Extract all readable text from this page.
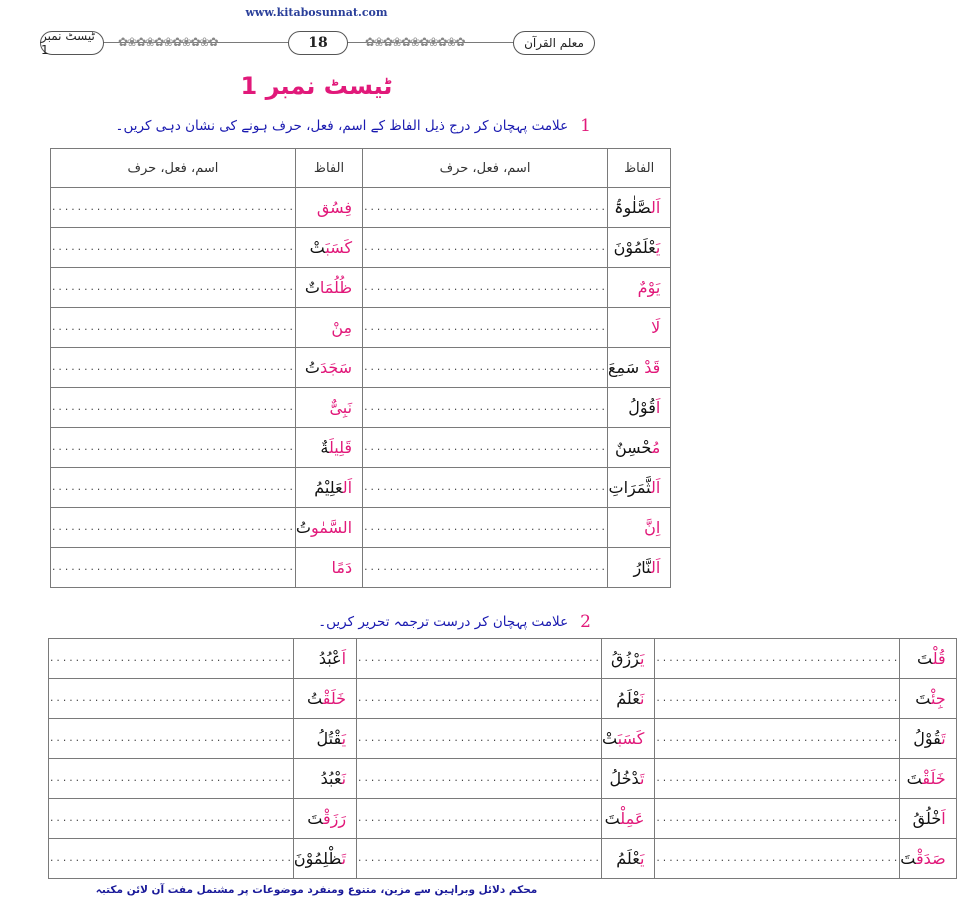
www.kitabosunnat.com
ٹیسٹ نمبر 1
✿❀✿❀✿❀✿❀✿❀✿	18	✿❀✿❀✿❀✿❀✿❀✿	معلم القرآن
ٹیسٹ نمبر 1
1
علامت پہچان کر درج ذیل الفاظ کے اسم، فعل، حرف ہونے کی نشان دہی کریں۔
الفاظ	اسم، فعل، حرف	الفاظ	اسم، فعل، حرف
اَلصَّلٰوۃُ	......................................	فِسُق	......................................
يَعْلَمُوْنَ	......................................	كَسَبَتْ	......................................
يَوْمٌ	......................................	ظُلُمَاتٌ	......................................
لَا	......................................	مِنْ	......................................
قَدْ سَمِعَ	......................................	سَجَدَتُ	......................................
اَقُوْلُ	......................................	نَبِیٌّ	......................................
مُحْسِنٌ	......................................	قَلِيلَةٌ	......................................
اَلثَّمَرَاتِ	......................................	اَلعَلِيْمُ	......................................
اِنَّ	......................................	السَّمٰوتُ	......................................
اَلنَّارُ	......................................	دَمًا	......................................
2
علامت پہچان کر درست ترجمہ تحریر کریں۔
قُلْتَ	......................................	يَرْزُقُ	......................................	اَعْبُدُ	......................................
جِئْتَ	......................................	نَعْلَمُ	......................................	خَلَقْتُ	......................................
تَقُوْلُ	......................................	كَسَبَتْ	......................................	يَقْتُلُ	......................................
خَلَقْتَ	......................................	تَدْخُلُ	......................................	نَعْبُدُ	......................................
اَخْلُقُ	......................................	عَمِلْتَ	......................................	رَزَقْتَ	......................................
صَدَقْتَ	......................................	يَعْلَمُ	......................................	تَظْلِمُوْنَ	......................................
محکم دلائل وبراہین سے مزین، متنوع ومنفرد موضوعات پر مشتمل مفت آن لائن مکتبہ
